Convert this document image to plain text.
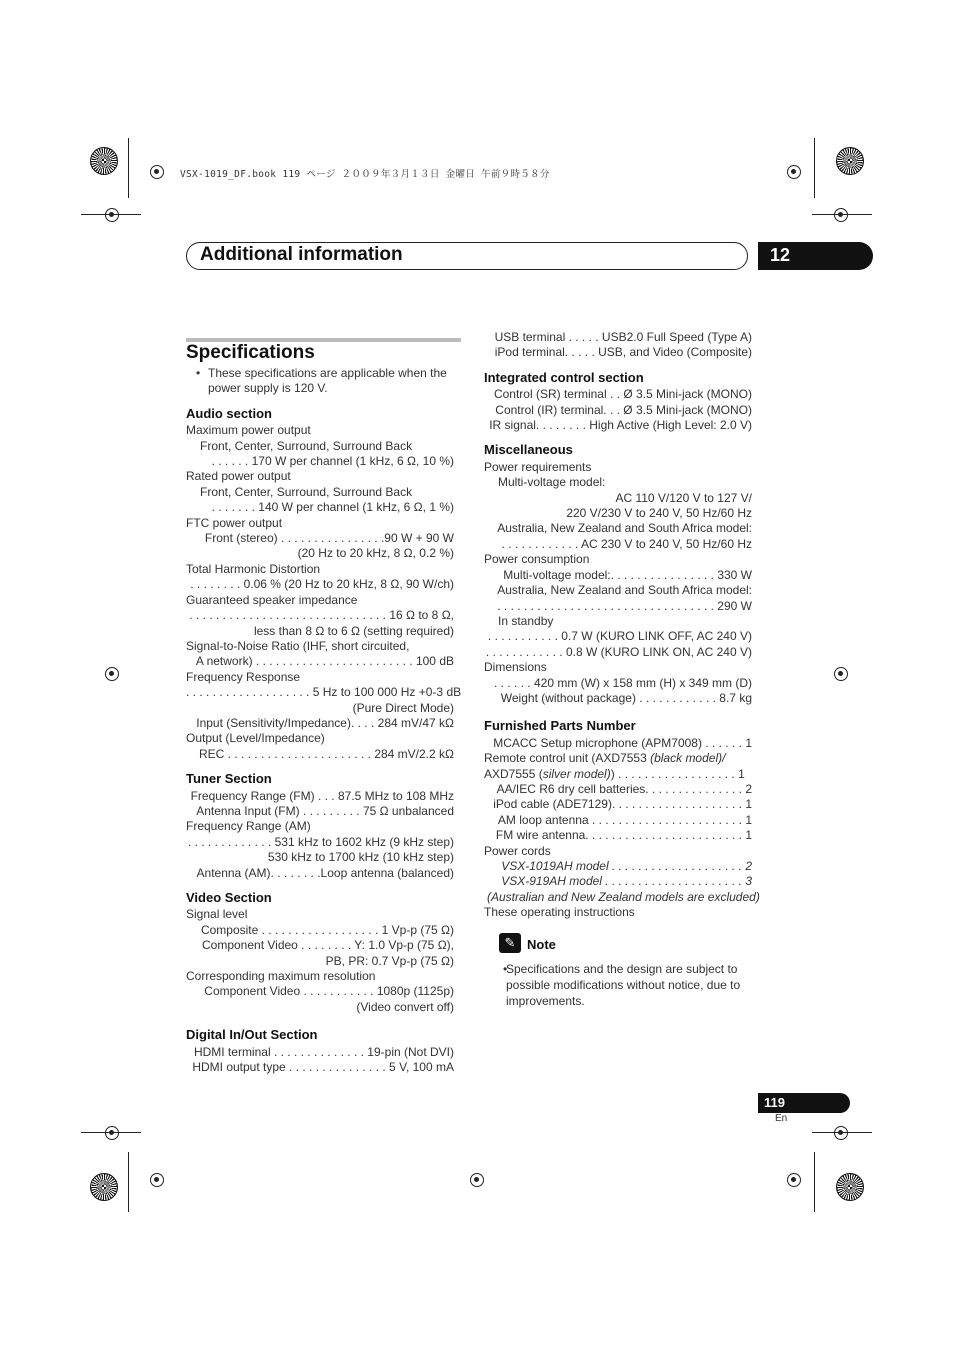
VSX-1019_DF.book 119 ページ ２００９年３月１３日 金曜日 午前９時５８分
Additional information	12
Specifications
• These specifications are applicable when the power supply is 120 V.
Audio section
Maximum power output
Front, Center, Surround, Surround Back
. . . . . . 170 W per channel (1 kHz, 6 Ω, 10 %)
Rated power output
Front, Center, Surround, Surround Back
. . . . . . . 140 W per channel (1 kHz, 6 Ω, 1 %)
FTC power output
Front (stereo) . . . . . . . . . . . . . . . .90 W + 90 W
(20 Hz to 20 kHz, 8 Ω, 0.2 %)
Total Harmonic Distortion
. . . . . . . . 0.06 % (20 Hz to 20 kHz, 8 Ω, 90 W/ch)
Guaranteed speaker impedance
. . . . . . . . . . . . . . . . . . . . . . . . . . . . . . 16 Ω to 8 Ω,
less than 8 Ω to 6 Ω (setting required)
Signal-to-Noise Ratio (IHF, short circuited,
A network) . . . . . . . . . . . . . . . . . . . . . . . . 100 dB
Frequency Response
. . . . . . . . . . . . . . . . . . . 5 Hz to 100 000 Hz +0-3 dB
(Pure Direct Mode)
Input (Sensitivity/Impedance). . . . 284 mV/47 kΩ
Output (Level/Impedance)
REC . . . . . . . . . . . . . . . . . . . . . . 284 mV/2.2 kΩ
Tuner Section
Frequency Range (FM) . . . 87.5 MHz to 108 MHz
Antenna Input (FM) . . . . . . . . . 75 Ω unbalanced
Frequency Range (AM)
. . . . . . . . . . . . . 531 kHz to 1602 kHz (9 kHz step)
530 kHz to 1700 kHz (10 kHz step)
Antenna (AM). . . . . . . .Loop antenna (balanced)
Video Section
Signal level
Composite . . . . . . . . . . . . . . . . . . 1 Vp-p (75 Ω)
Component Video . . . . . . . . Y: 1.0 Vp-p (75 Ω),
PB, PR: 0.7 Vp-p (75 Ω)
Corresponding maximum resolution
Component Video . . . . . . . . . . . 1080p (1125p)
(Video convert off)
Digital In/Out Section
HDMI terminal . . . . . . . . . . . . . . 19-pin (Not DVI)
HDMI output type . . . . . . . . . . . . . . . 5 V, 100 mA
USB terminal . . . . . USB2.0 Full Speed (Type A)
iPod terminal. . . . . USB, and Video (Composite)
Integrated control section
Control (SR) terminal . . Ø 3.5 Mini-jack (MONO)
Control (IR) terminal. . . Ø 3.5 Mini-jack (MONO)
IR signal. . . . . . . . High Active (High Level: 2.0 V)
Miscellaneous
Power requirements
Multi-voltage model:
AC 110 V/120 V to 127 V/
220 V/230 V to 240 V, 50 Hz/60 Hz
Australia, New Zealand and South Africa model:
. . . . . . . . . . . . AC 230 V to 240 V, 50 Hz/60 Hz
Power consumption
Multi-voltage model:. . . . . . . . . . . . . . . . 330 W
Australia, New Zealand and South Africa model:
. . . . . . . . . . . . . . . . . . . . . . . . . . . . . . . . . 290 W
In standby
. . . . . . . . . . . 0.7 W (KURO LINK OFF, AC 240 V)
. . . . . . . . . . . . 0.8 W (KURO LINK ON, AC 240 V)
Dimensions
. . . . . . 420 mm (W) x 158 mm (H) x 349 mm (D)
Weight (without package) . . . . . . . . . . . . 8.7 kg
Furnished Parts Number
MCACC Setup microphone (APM7008) . . . . . . 1
Remote control unit (AXD7553 (black model)/
AXD7555 (silver model)) . . . . . . . . . . . . . . . . . . 1
AA/IEC R6 dry cell batteries. . . . . . . . . . . . . . . 2
iPod cable (ADE7129). . . . . . . . . . . . . . . . . . . . 1
AM loop antenna . . . . . . . . . . . . . . . . . . . . . . . 1
FM wire antenna. . . . . . . . . . . . . . . . . . . . . . . . 1
Power cords
VSX-1019AH model . . . . . . . . . . . . . . . . . . . . 2
VSX-919AH model . . . . . . . . . . . . . . . . . . . . . 3
(Australian and New Zealand models are excluded)
These operating instructions
✎ Note
• Specifications and the design are subject to possible modifications without notice, due to improvements.
119
En
